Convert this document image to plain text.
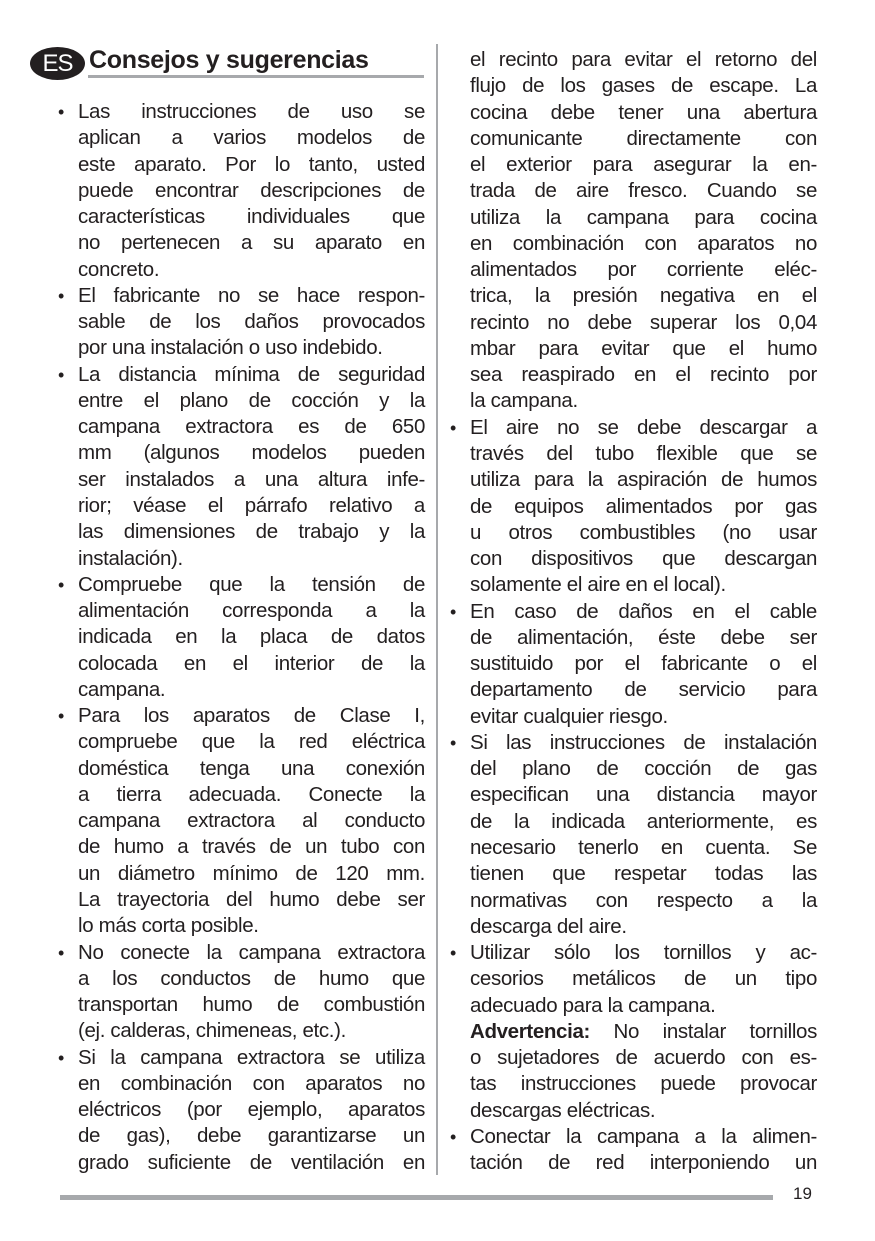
ES Consejos y sugerencias
• Las instrucciones de uso se
aplican a varios modelos de
este aparato. Por lo tanto, usted
puede encontrar descripciones de
características individuales que
no pertenecen a su aparato en
concreto.
• El fabricante no se hace respon-
sable de los daños provocados
por una instalación o uso indebido.
• La distancia mínima de seguridad
entre el plano de cocción y la
campana extractora es de 650
mm (algunos modelos pueden
ser instalados a una altura infe-
rior; véase el párrafo relativo a
las dimensiones de trabajo y la
instalación).
• Compruebe que la tensión de
alimentación corresponda a la
indicada en la placa de datos
colocada en el interior de la
campana.
• Para los aparatos de Clase I,
compruebe que la red eléctrica
doméstica tenga una conexión
a tierra adecuada. Conecte la
campana extractora al conducto
de humo a través de un tubo con
un diámetro mínimo de 120 mm.
La trayectoria del humo debe ser
lo más corta posible.
• No conecte la campana extractora
a los conductos de humo que
transportan humo de combustión
(ej. calderas, chimeneas, etc.).
• Si la campana extractora se utiliza
en combinación con aparatos no
eléctricos (por ejemplo, aparatos
de gas), debe garantizarse un
grado suficiente de ventilación en
el recinto para evitar el retorno del
flujo de los gases de escape. La
cocina debe tener una abertura
comunicante directamente con
el exterior para asegurar la en-
trada de aire fresco. Cuando se
utiliza la campana para cocina
en combinación con aparatos no
alimentados por corriente eléc-
trica, la presión negativa en el
recinto no debe superar los 0,04
mbar para evitar que el humo
sea reaspirado en el recinto por
la campana.
• El aire no se debe descargar a
través del tubo flexible que se
utiliza para la aspiración de humos
de equipos alimentados por gas
u otros combustibles (no usar
con dispositivos que descargan
solamente el aire en el local).
• En caso de daños en el cable
de alimentación, éste debe ser
sustituido por el fabricante o el
departamento de servicio para
evitar cualquier riesgo.
• Si las instrucciones de instalación
del plano de cocción de gas
especifican una distancia mayor
de la indicada anteriormente, es
necesario tenerlo en cuenta. Se
tienen que respetar todas las
normativas con respecto a la
descarga del aire.
• Utilizar sólo los tornillos y ac-
cesorios metálicos de un tipo
adecuado para la campana.
Advertencia: No instalar tornillos
o sujetadores de acuerdo con es-
tas instrucciones puede provocar
descargas eléctricas.
• Conectar la campana a la alimen-
tación de red interponiendo un
19
